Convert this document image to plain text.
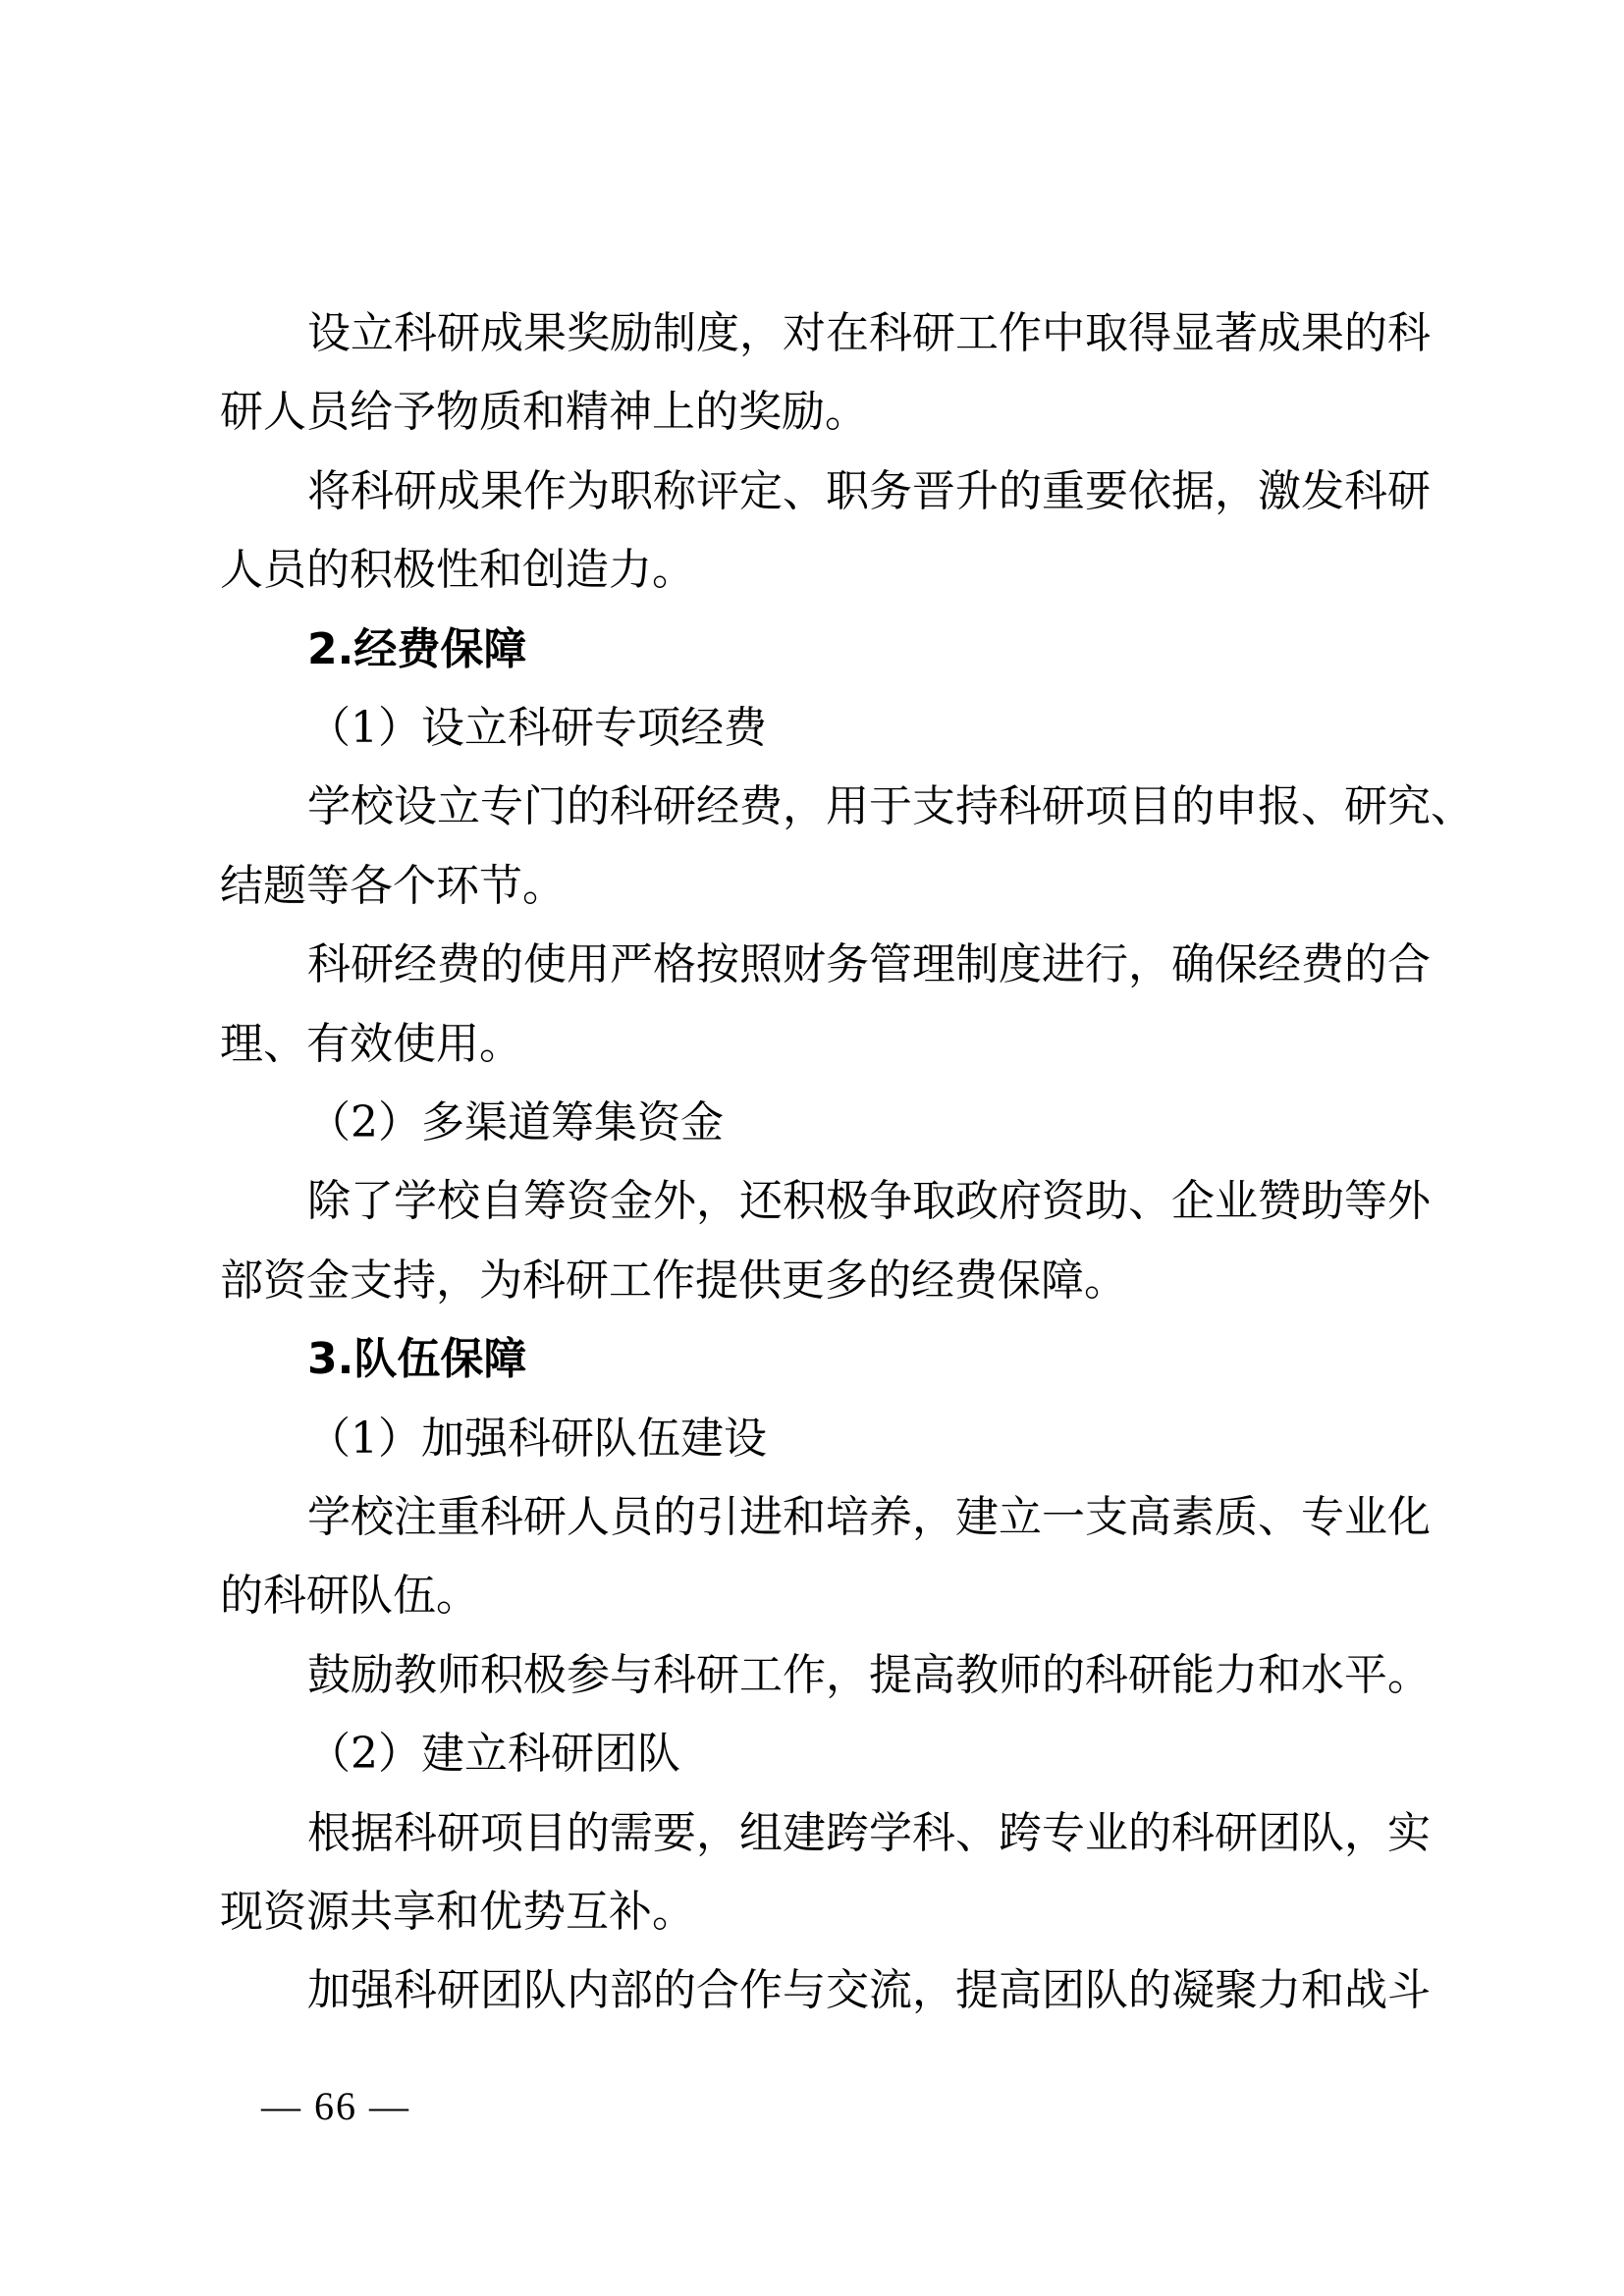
设立科研成果奖励制度，对在科研工作中取得显著成果的科
研人员给予物质和精神上的奖励。
将科研成果作为职称评定、职务晋升的重要依据，激发科研
人员的积极性和创造力。
2.经费保障
（1）设立科研专项经费
学校设立专门的科研经费，用于支持科研项目的申报、研究、
结题等各个环节。
科研经费的使用严格按照财务管理制度进行，确保经费的合
理、有效使用。
（2）多渠道筹集资金
除了学校自筹资金外，还积极争取政府资助、企业赞助等外
部资金支持，为科研工作提供更多的经费保障。
3.队伍保障
（1）加强科研队伍建设
学校注重科研人员的引进和培养，建立一支高素质、专业化
的科研队伍。
鼓励教师积极参与科研工作，提高教师的科研能力和水平。
（2）建立科研团队
根据科研项目的需要，组建跨学科、跨专业的科研团队，实
现资源共享和优势互补。
加强科研团队内部的合作与交流，提高团队的凝聚力和战斗
— 66 —
